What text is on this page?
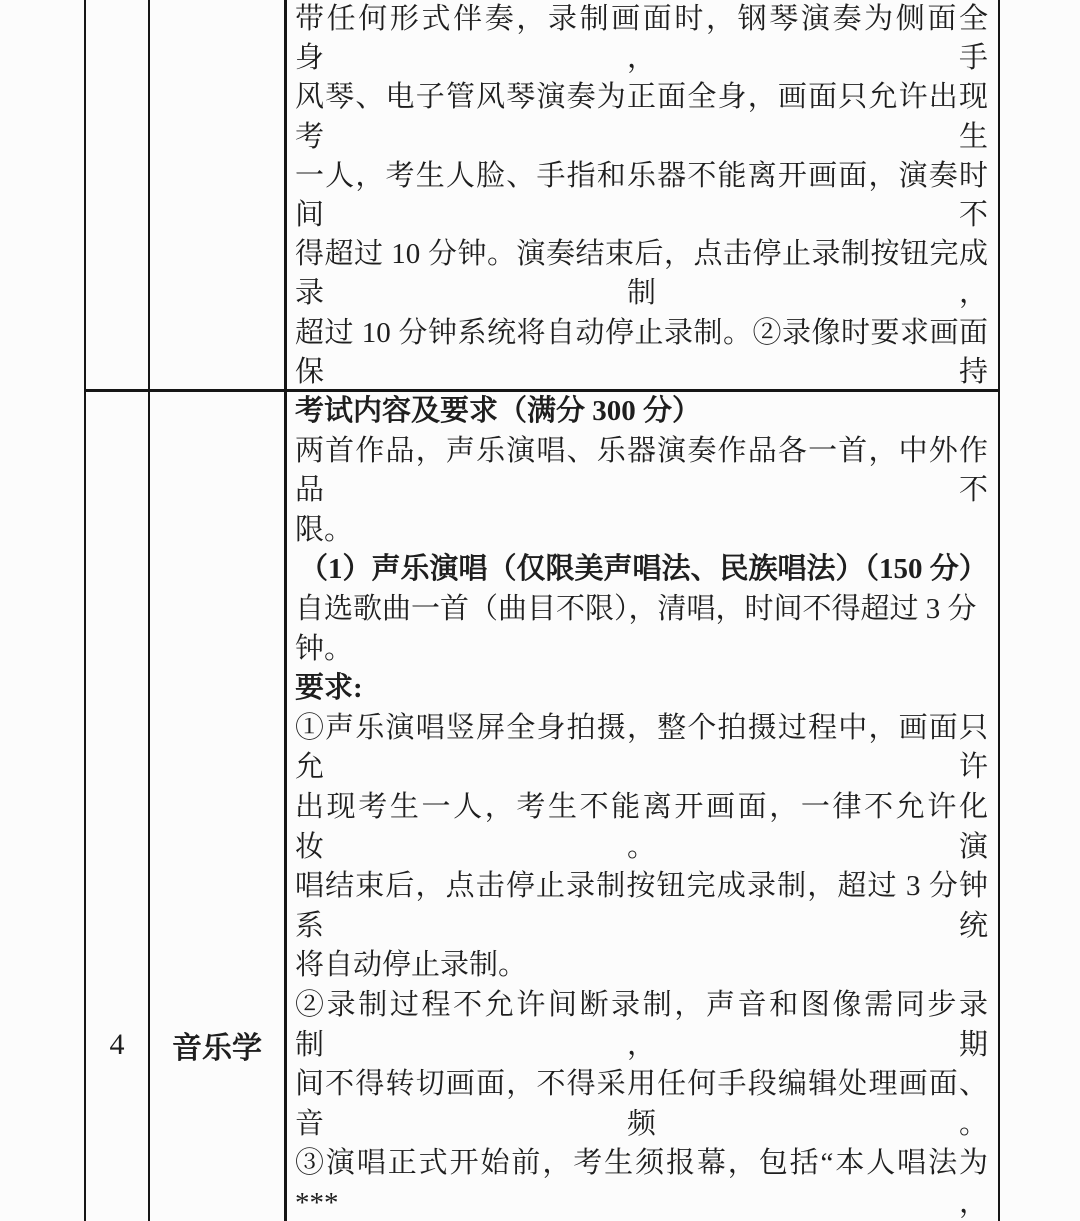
带任何形式伴奏，录制画面时，钢琴演奏为侧面全身，手
风琴、电子管风琴演奏为正面全身，画面只允许出现考生
一人，考生人脸、手指和乐器不能离开画面，演奏时间不
得超过 10 分钟。演奏结束后，点击停止录制按钮完成录制，
超过 10 分钟系统将自动停止录制。②录像时要求画面保持
4	音乐学
考试内容及要求（满分 300 分）
两首作品，声乐演唱、乐器演奏作品各一首，中外作品不
限。
（1）声乐演唱（仅限美声唱法、民族唱法）（150 分）
自选歌曲一首（曲目不限），清唱，时间不得超过 3 分钟。
要求:
①声乐演唱竖屏全身拍摄，整个拍摄过程中，画面只允许
出现考生一人，考生不能离开画面，一律不允许化妆。演
唱结束后，点击停止录制按钮完成录制，超过 3 分钟系统
将自动停止录制。
②录制过程不允许间断录制，声音和图像需同步录制，期
间不得转切画面，不得采用任何手段编辑处理画面、音频。
③演唱正式开始前，考生须报幕，包括“本人唱法为***，
